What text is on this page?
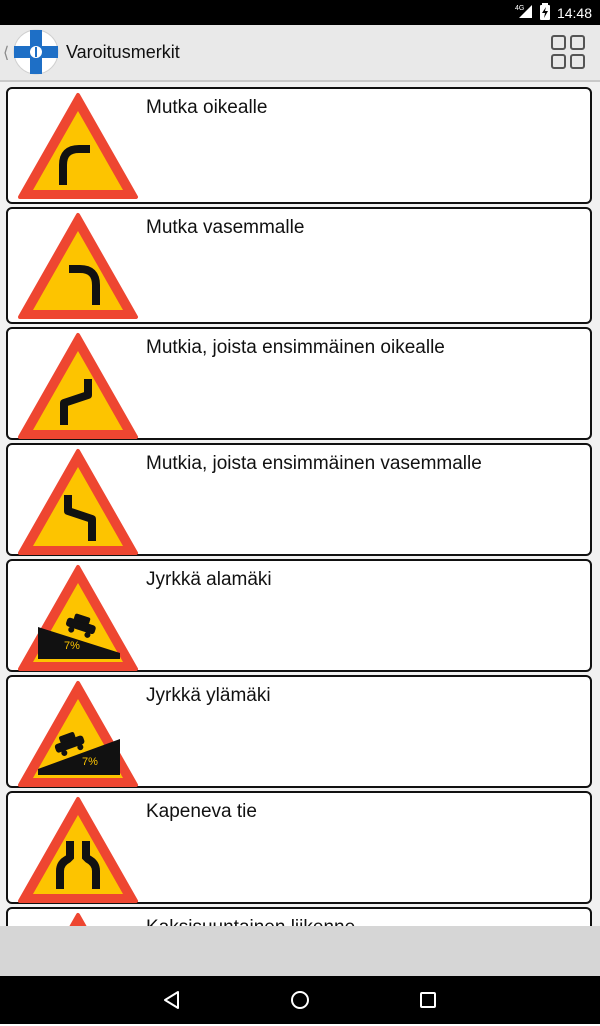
4G 14:48
⟨	Varoitusmerkit
Mutka oikealle
Mutka vasemmalle
Mutkia, joista ensimmäinen oikealle
Mutkia, joista ensimmäinen vasemmalle
7%
Jyrkkä alamäki
7%
Jyrkkä ylämäki
Kapeneva tie
